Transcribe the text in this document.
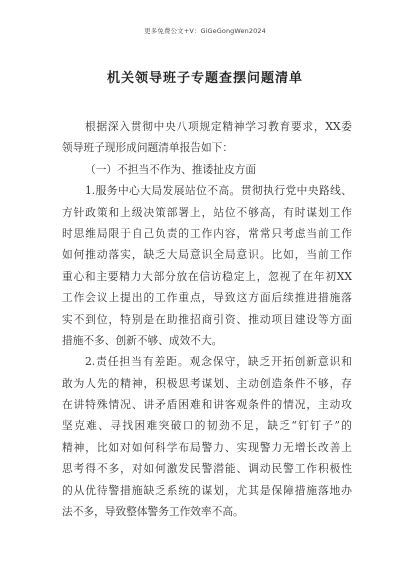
更多免费公文+V：GiGeGongWen2024
机关领导班子专题查摆问题清单
根据深入贯彻中央八项规定精神学习教育要求，XX委
领导班子现形成问题清单报告如下：
（一）不担当不作为、推诿扯皮方面
1.服务中心大局发展站位不高。贯彻执行党中央路线、
方针政策和上级决策部署上，站位不够高，有时谋划工作
时思维局限于自己负责的工作内容，常常只考虑当前工作
如何推动落实，缺乏大局意识全局意识。比如，当前工作
重心和主要精力大部分放在信访稳定上，忽视了在年初XX
工作会议上提出的工作重点，导致这方面后续推进措施落
实不到位，特别是在助推招商引资、推动项目建设等方面
措施不多、创新不够、成效不大。
2.责任担当有差距。观念保守，缺乏开拓创新意识和
敢为人先的精神，积极思考谋划、主动创造条件不够，存
在讲特殊情况、讲矛盾困难和讲客观条件的情况，主动攻
坚克难、寻找困难突破口的韧劲不足，缺乏“钉钉子”的
精神，比如对如何科学布局警力、实现警力无增长改善上
思考得不多，对如何激发民警潜能、调动民警工作积极性
的从优待警措施缺乏系统的谋划，尤其是保障措施落地办
法不多，导致整体警务工作效率不高。
